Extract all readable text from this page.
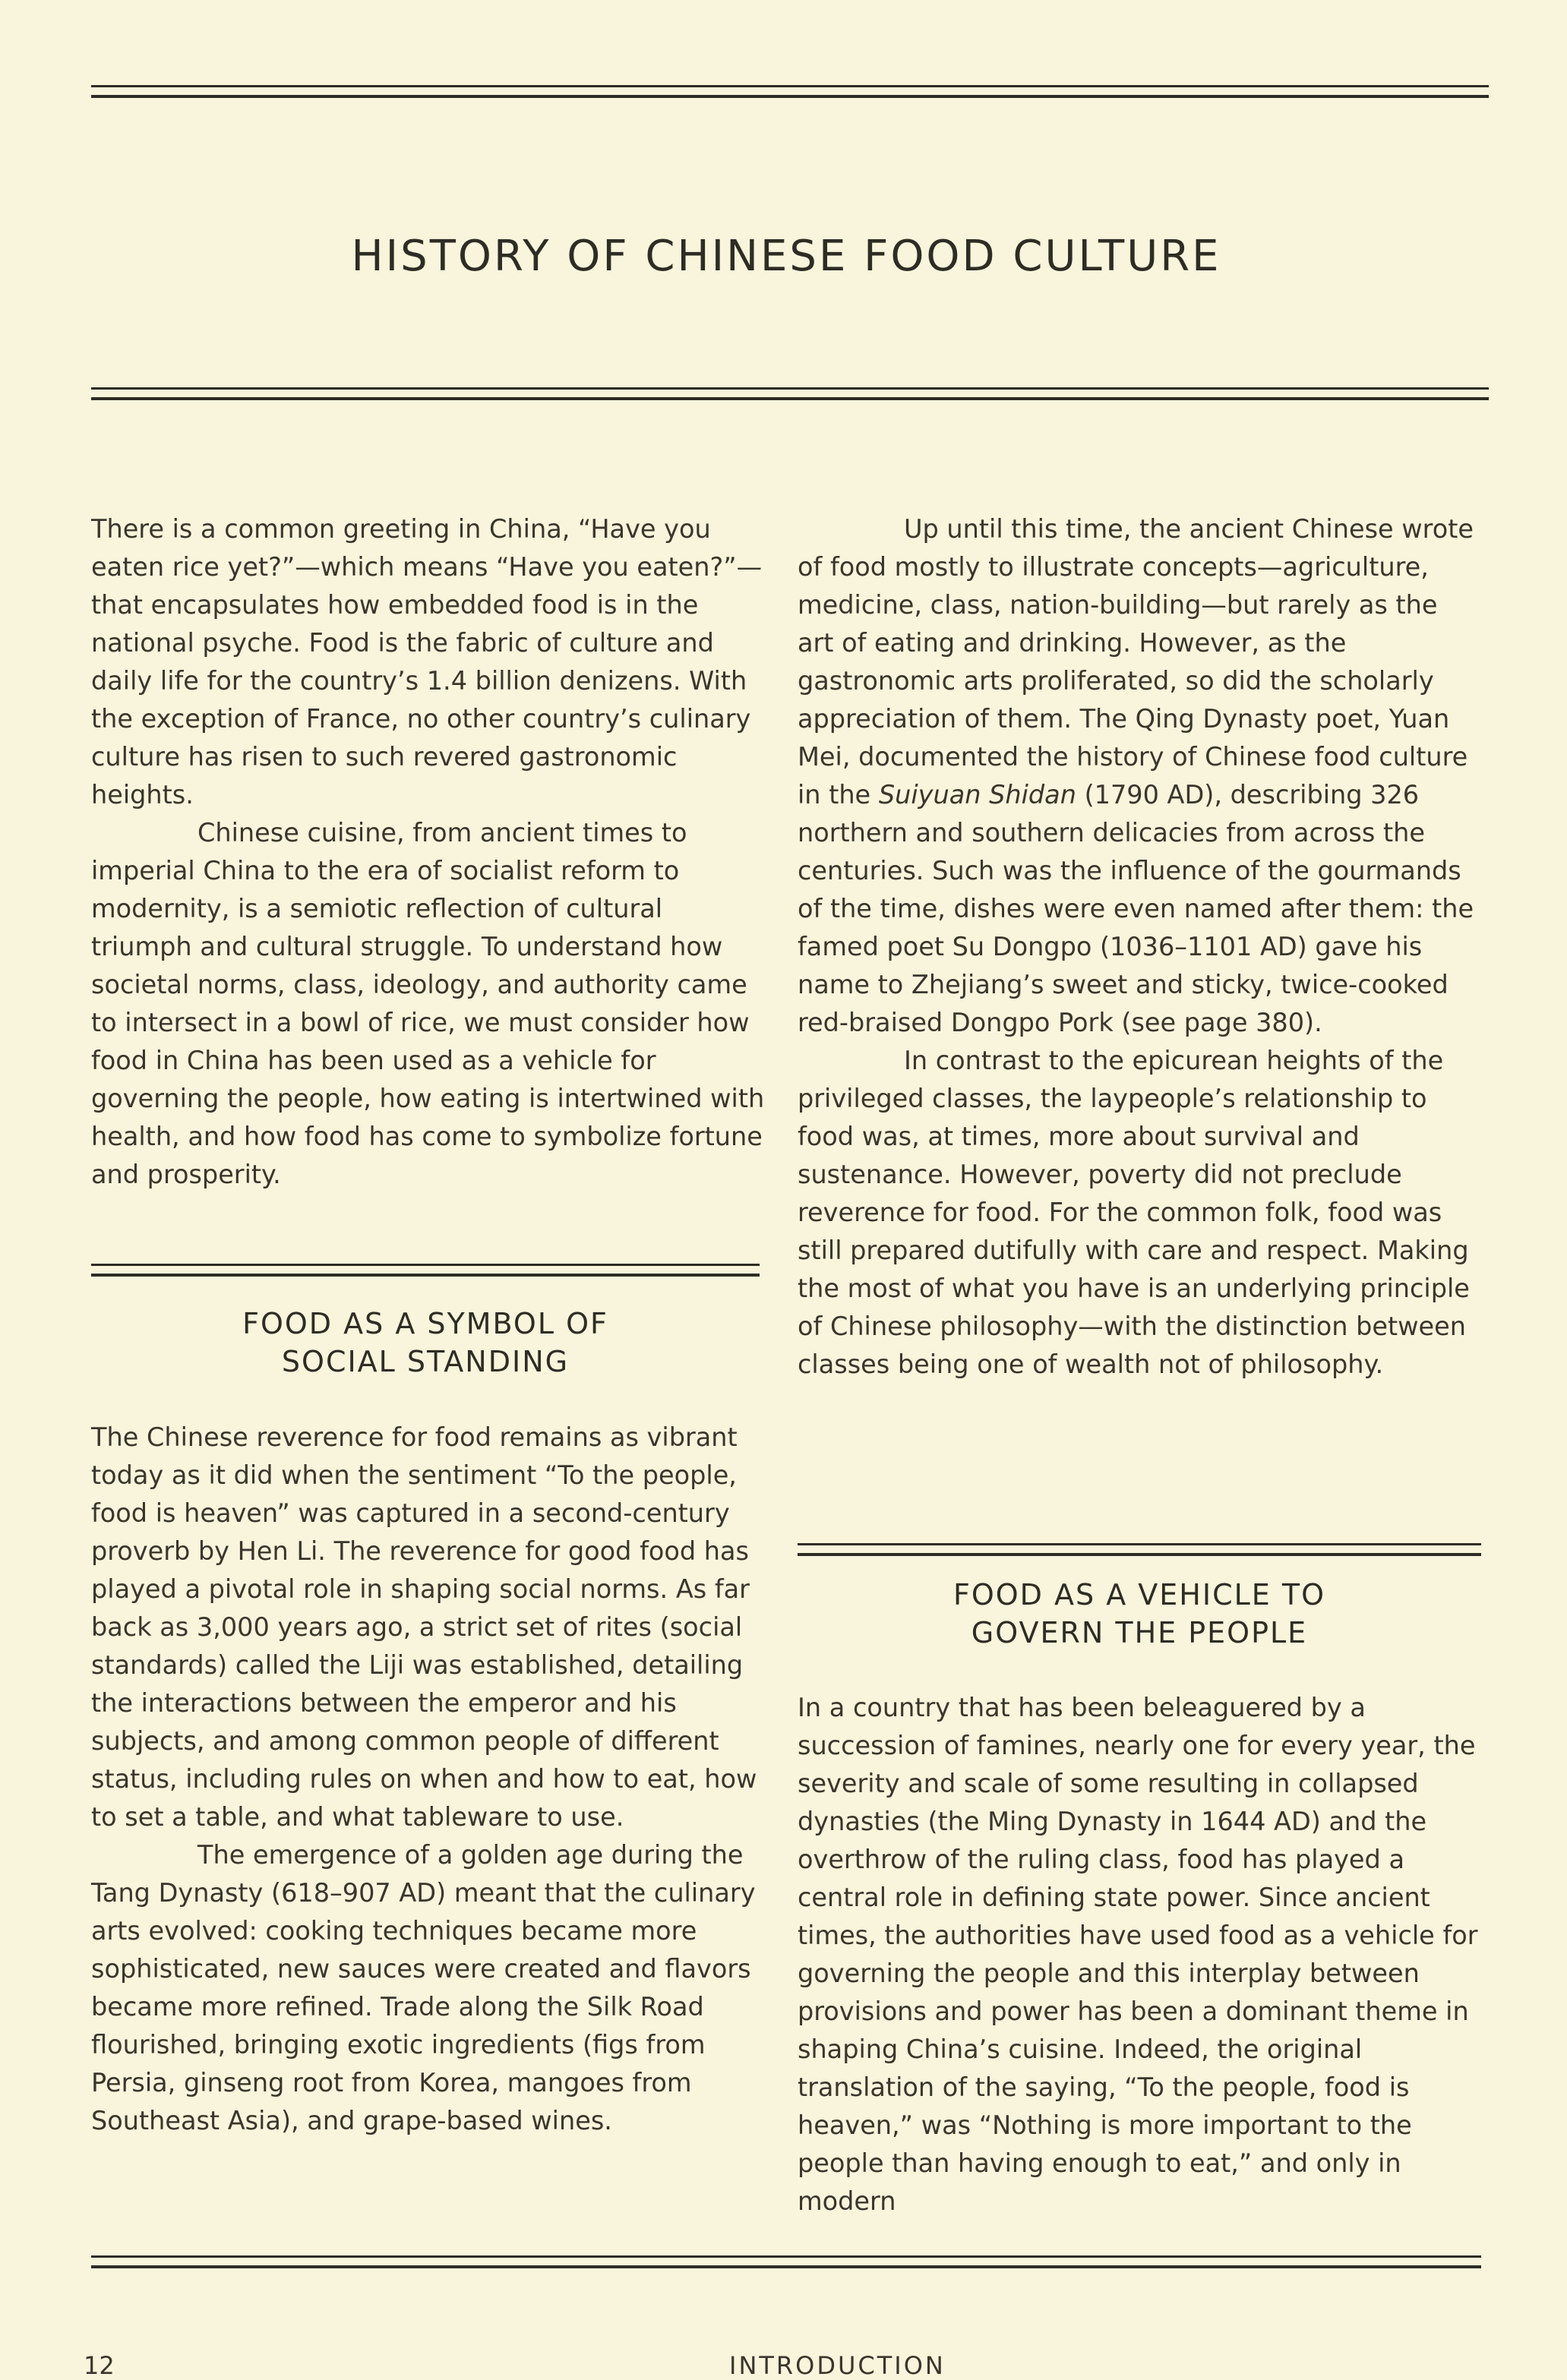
HISTORY OF CHINESE FOOD CULTURE

There is a common greeting in China, “Have you eaten rice yet?”—which means “Have you eaten?”—that encapsulates how embedded food is in the national psyche. Food is the fabric of culture and daily life for the country’s 1.4 billion denizens. With the exception of France, no other country’s culinary culture has risen to such revered gastronomic heights.

Chinese cuisine, from ancient times to imperial China to the era of socialist reform to modernity, is a semiotic reflection of cultural triumph and cultural struggle. To understand how societal norms, class, ideology, and authority came to intersect in a bowl of rice, we must consider how food in China has been used as a vehicle for governing the people, how eating is intertwined with health, and how food has come to symbolize fortune and prosperity.

FOOD AS A SYMBOL OF SOCIAL STANDING

The Chinese reverence for food remains as vibrant today as it did when the sentiment “To the people, food is heaven” was captured in a second-century proverb by Hen Li. The reverence for good food has played a pivotal role in shaping social norms. As far back as 3,000 years ago, a strict set of rites (social standards) called the Liji was established, detailing the interactions between the emperor and his subjects, and among common people of different status, including rules on when and how to eat, how to set a table, and what tableware to use.

The emergence of a golden age during the Tang Dynasty (618–907 AD) meant that the culinary arts evolved: cooking techniques became more sophisticated, new sauces were created and flavors became more refined. Trade along the Silk Road flourished, bringing exotic ingredients (figs from Persia, ginseng root from Korea, mangoes from Southeast Asia), and grape-based wines.

Up until this time, the ancient Chinese wrote of food mostly to illustrate concepts—agriculture, medicine, class, nation-building—but rarely as the art of eating and drinking. However, as the gastronomic arts proliferated, so did the scholarly appreciation of them. The Qing Dynasty poet, Yuan Mei, documented the history of Chinese food culture in the Suiyuan Shidan (1790 AD), describing 326 northern and southern delicacies from across the centuries. Such was the influence of the gourmands of the time, dishes were even named after them: the famed poet Su Dongpo (1036–1101 AD) gave his name to Zhejiang’s sweet and sticky, twice-cooked red-braised Dongpo Pork (see page 380).

In contrast to the epicurean heights of the privileged classes, the laypeople’s relationship to food was, at times, more about survival and sustenance. However, poverty did not preclude reverence for food. For the common folk, food was still prepared dutifully with care and respect. Making the most of what you have is an underlying principle of Chinese philosophy—with the distinction between classes being one of wealth not of philosophy.

FOOD AS A VEHICLE TO GOVERN THE PEOPLE

In a country that has been beleaguered by a succession of famines, nearly one for every year, the severity and scale of some resulting in collapsed dynasties (the Ming Dynasty in 1644 AD) and the overthrow of the ruling class, food has played a central role in defining state power. Since ancient times, the authorities have used food as a vehicle for governing the people and this interplay between provisions and power has been a dominant theme in shaping China’s cuisine. Indeed, the original translation of the saying, “To the people, food is heaven,” was “Nothing is more important to the people than having enough to eat,” and only in modern

12	INTRODUCTION
